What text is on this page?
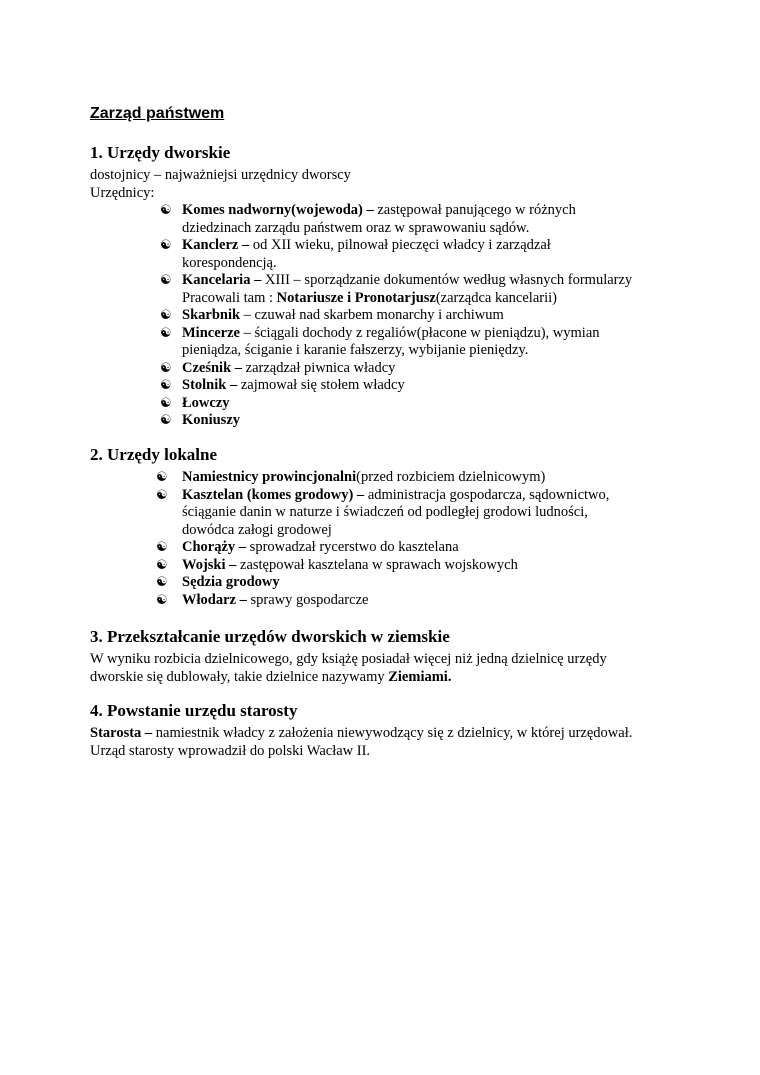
Zarząd państwem
1. Urzędy dworskie

dostojnicy – najważniejsi urzędnicy dworscy

Urzędnicy:

☯ Komes nadworny(wojewoda) – zastępował panującego w różnych
dziedzinach zarządu państwem oraz w sprawowaniu sądów.
☯ Kanclerz – od XII wieku, pilnował pieczęci władcy i zarządzał
korespondencją.
☯ Kancelaria – XIII – sporządzanie dokumentów według własnych formularzy
Pracowali tam : Notariusze i Pronotarjusz(zarządca kancelarii)
☯ Skarbnik – czuwał nad skarbem monarchy i archiwum
☯ Mincerze – ściągali dochody z regaliów(płacone w pieniądzu), wymian
pieniądza, ściganie i karanie fałszerzy, wybijanie pieniędzy.
☯ Cześnik – zarządzał piwnica władcy
☯ Stolnik – zajmował się stołem władcy
☯ Łowczy
☯ Koniuszy
2. Urzędy lokalne
☯ Namiestnicy prowincjonalni(przed rozbiciem dzielnicowym)
☯ Kasztelan (komes grodowy) – administracja gospodarcza, sądownictwo,
ściąganie danin w naturze i świadczeń od podległej grodowi ludności,
dowódca załogi grodowej
☯ Chorąży – sprowadzał rycerstwo do kasztelana
☯ Wojski – zastępował kasztelana w sprawach wojskowych
☯ Sędzia grodowy
☯ Włodarz – sprawy gospodarcze
3. Przekształcanie urzędów dworskich w ziemskie

W wyniku rozbicia dzielnicowego, gdy książę posiadał więcej niż jedną dzielnicę urzędy

dworskie się dublowały, takie dzielnice nazywamy Ziemiami.

4. Powstanie urzędu starosty

Starosta – namiestnik władcy z założenia niewywodzący się z dzielnicy, w której urzędował.

Urząd starosty wprowadził do polski Wacław II.
